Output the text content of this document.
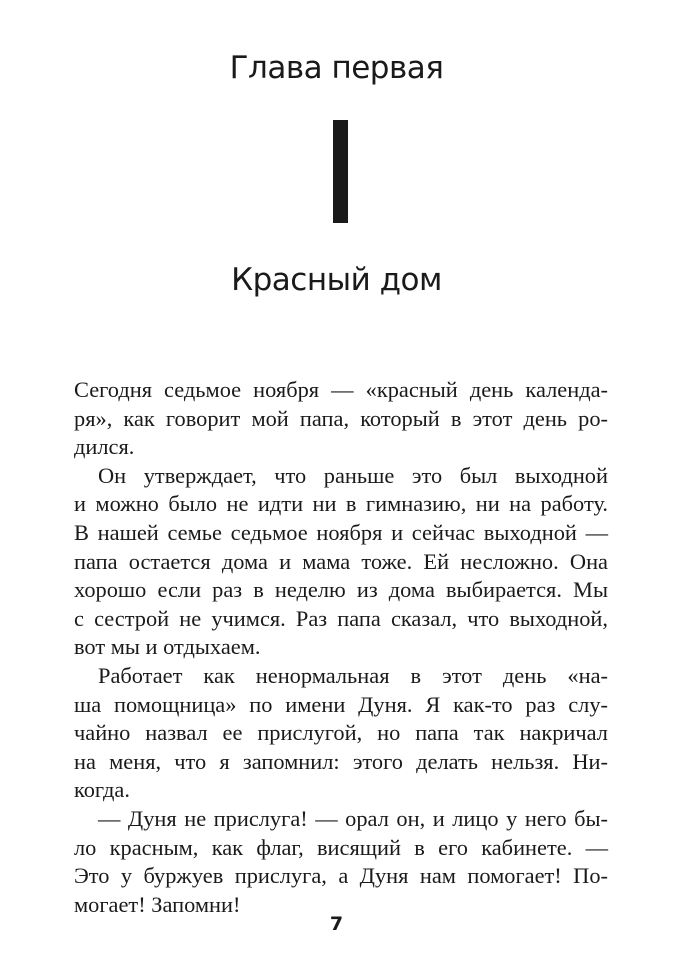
Глава первая
Красный дом
Сегодня седьмое ноября — «красный день календа-
ря», как говорит мой папа, который в этот день ро-
дился.
Он утверждает, что раньше это был выходной
и можно было не идти ни в гимназию, ни на работу.
В нашей семье седьмое ноября и сейчас выходной —
папа остается дома и мама тоже. Ей несложно. Она
хорошо если раз в неделю из дома выбирается. Мы
с сестрой не учимся. Раз папа сказал, что выходной,
вот мы и отдыхаем.
Работает как ненормальная в этот день «на-
ша помощница» по имени Дуня. Я как-то раз слу-
чайно назвал ее прислугой, но папа так накричал
на меня, что я запомнил: этого делать нельзя. Ни-
когда.
— Дуня не прислуга! — орал он, и лицо у него бы-
ло красным, как флаг, висящий в его кабинете. —
Это у буржуев прислуга, а Дуня нам помогает! По-
могает! Запомни!
7
